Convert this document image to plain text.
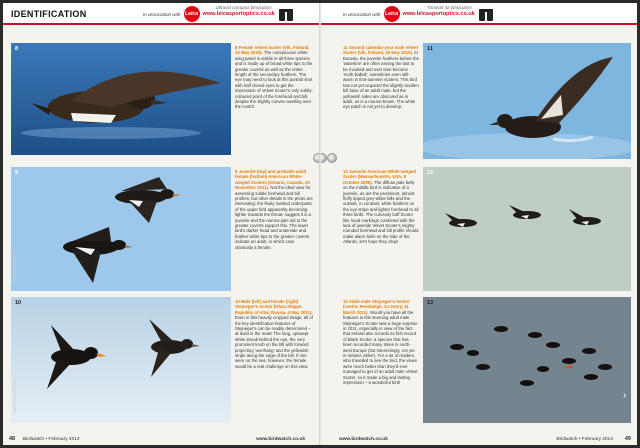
IDENTIFICATION
Ultravid compact binoculars
In association with Leica www.leicasportoptics.co.uk
8	8 Female Velvet Scoter (Vik, Finland, 24 May 2010). The conspicuous white wing panel is visible in all three species and is made up of broad white tips to the greater coverts as well as the entire length of the secondary feathers. The eye may need to look at this portrait shot with half closed eyes to get the impression of Velvet Scoter's only subtly-coloured point of the forehead and bill, despite the slightly convex swelling over the nostril.
9
DARRY FLOWERS
9 Juvenile (top) and probable adult female (bottom) American White-winged Scoters (Ontario, Canada, 20 November 2011). Not the ideal view for assessing subtle forehead and bill profiles, but other details in the photo are interesting: the finely marked underparts of the upper bird apparently becoming lighter towards the throat, suggest it is a juvenile and the narrow pale tail to the greater coverts support this. The lower bird's darker head and underside and feather white tips to the greater coverts indicate an adult, in which case obviously a female.
10
MARKUS VARESVUO
10 Male (left) and female (right) Stejneger's Scoter (Ohaa Steppe, Republic of Altai, Russia, 4 May 2011). Even in this heavily cropped image, all of the key identification features of Stejneger's can be readily determined – at least in the male! The long, upswept white streak behind the eye, the very prominent knob on the bill with forward projecting 'overhang' and the yellowish stripe along the edge of the bill. If one were on the sea, however, the female would be a real challenge on this view.
48 Birdwatch • February 2014	www.birdwatch.co.uk
Trinovid 42 binoculars
In association with Leica www.leicasportoptics.co.uk
11 Second calendar-year male Velvet Scoter (Vik, Finland, 25 May 2010). In Eurasia, the juvenile feathers before the 'waterline' are often among the last to be moulted and over time become 'moth-balled'; sometimes even still-warm in first-summer scoters. This bird has not yet acquired the slightly swollen bill base of an adult male, but the yellowish sides are obscured as in adult, as is a mouse-brown. The white eye patch is not yet to develop.
11
12 Juvenile American White-winged Scoter (Massachusetts, USA, 8 October 2006). The diffuse pale belly on the middle bird is indicative of a juvenile, as are the prominent, almost fluffy tipped grey-white bills and the outside, in contrast, white feathers on the eye stripe and lighter forehead to all three birds. The curiously buff Scoter like head markings combined with the lack of juvenile Velvet Scoter's mighty rounded forehead and bill profile should make alarm bells on the side of the Atlantic, let's hope they drop!
12
13 Adult male Stejneger's Scoter (centre, Rossbeigh, Co Kerry, 11 March 2011). Would you have all the features in this stunning adult male Stejneger's Scoter was a huge surprise in 2011, especially in view of the fact that Ireland also records its first record of Black Scoter, a species that has been recorded many times in north-west Europe (but interestingly, not yet in Ireland, either). For a lot of readers, who travelled to see the bird, the views were much better than they'd ever managed to get of an adult male Velvet Scoter, so it made a big and lasting impression – a wonderful bird!
13
›
www.birdwatch.co.uk	Birdwatch • February 2014 49
